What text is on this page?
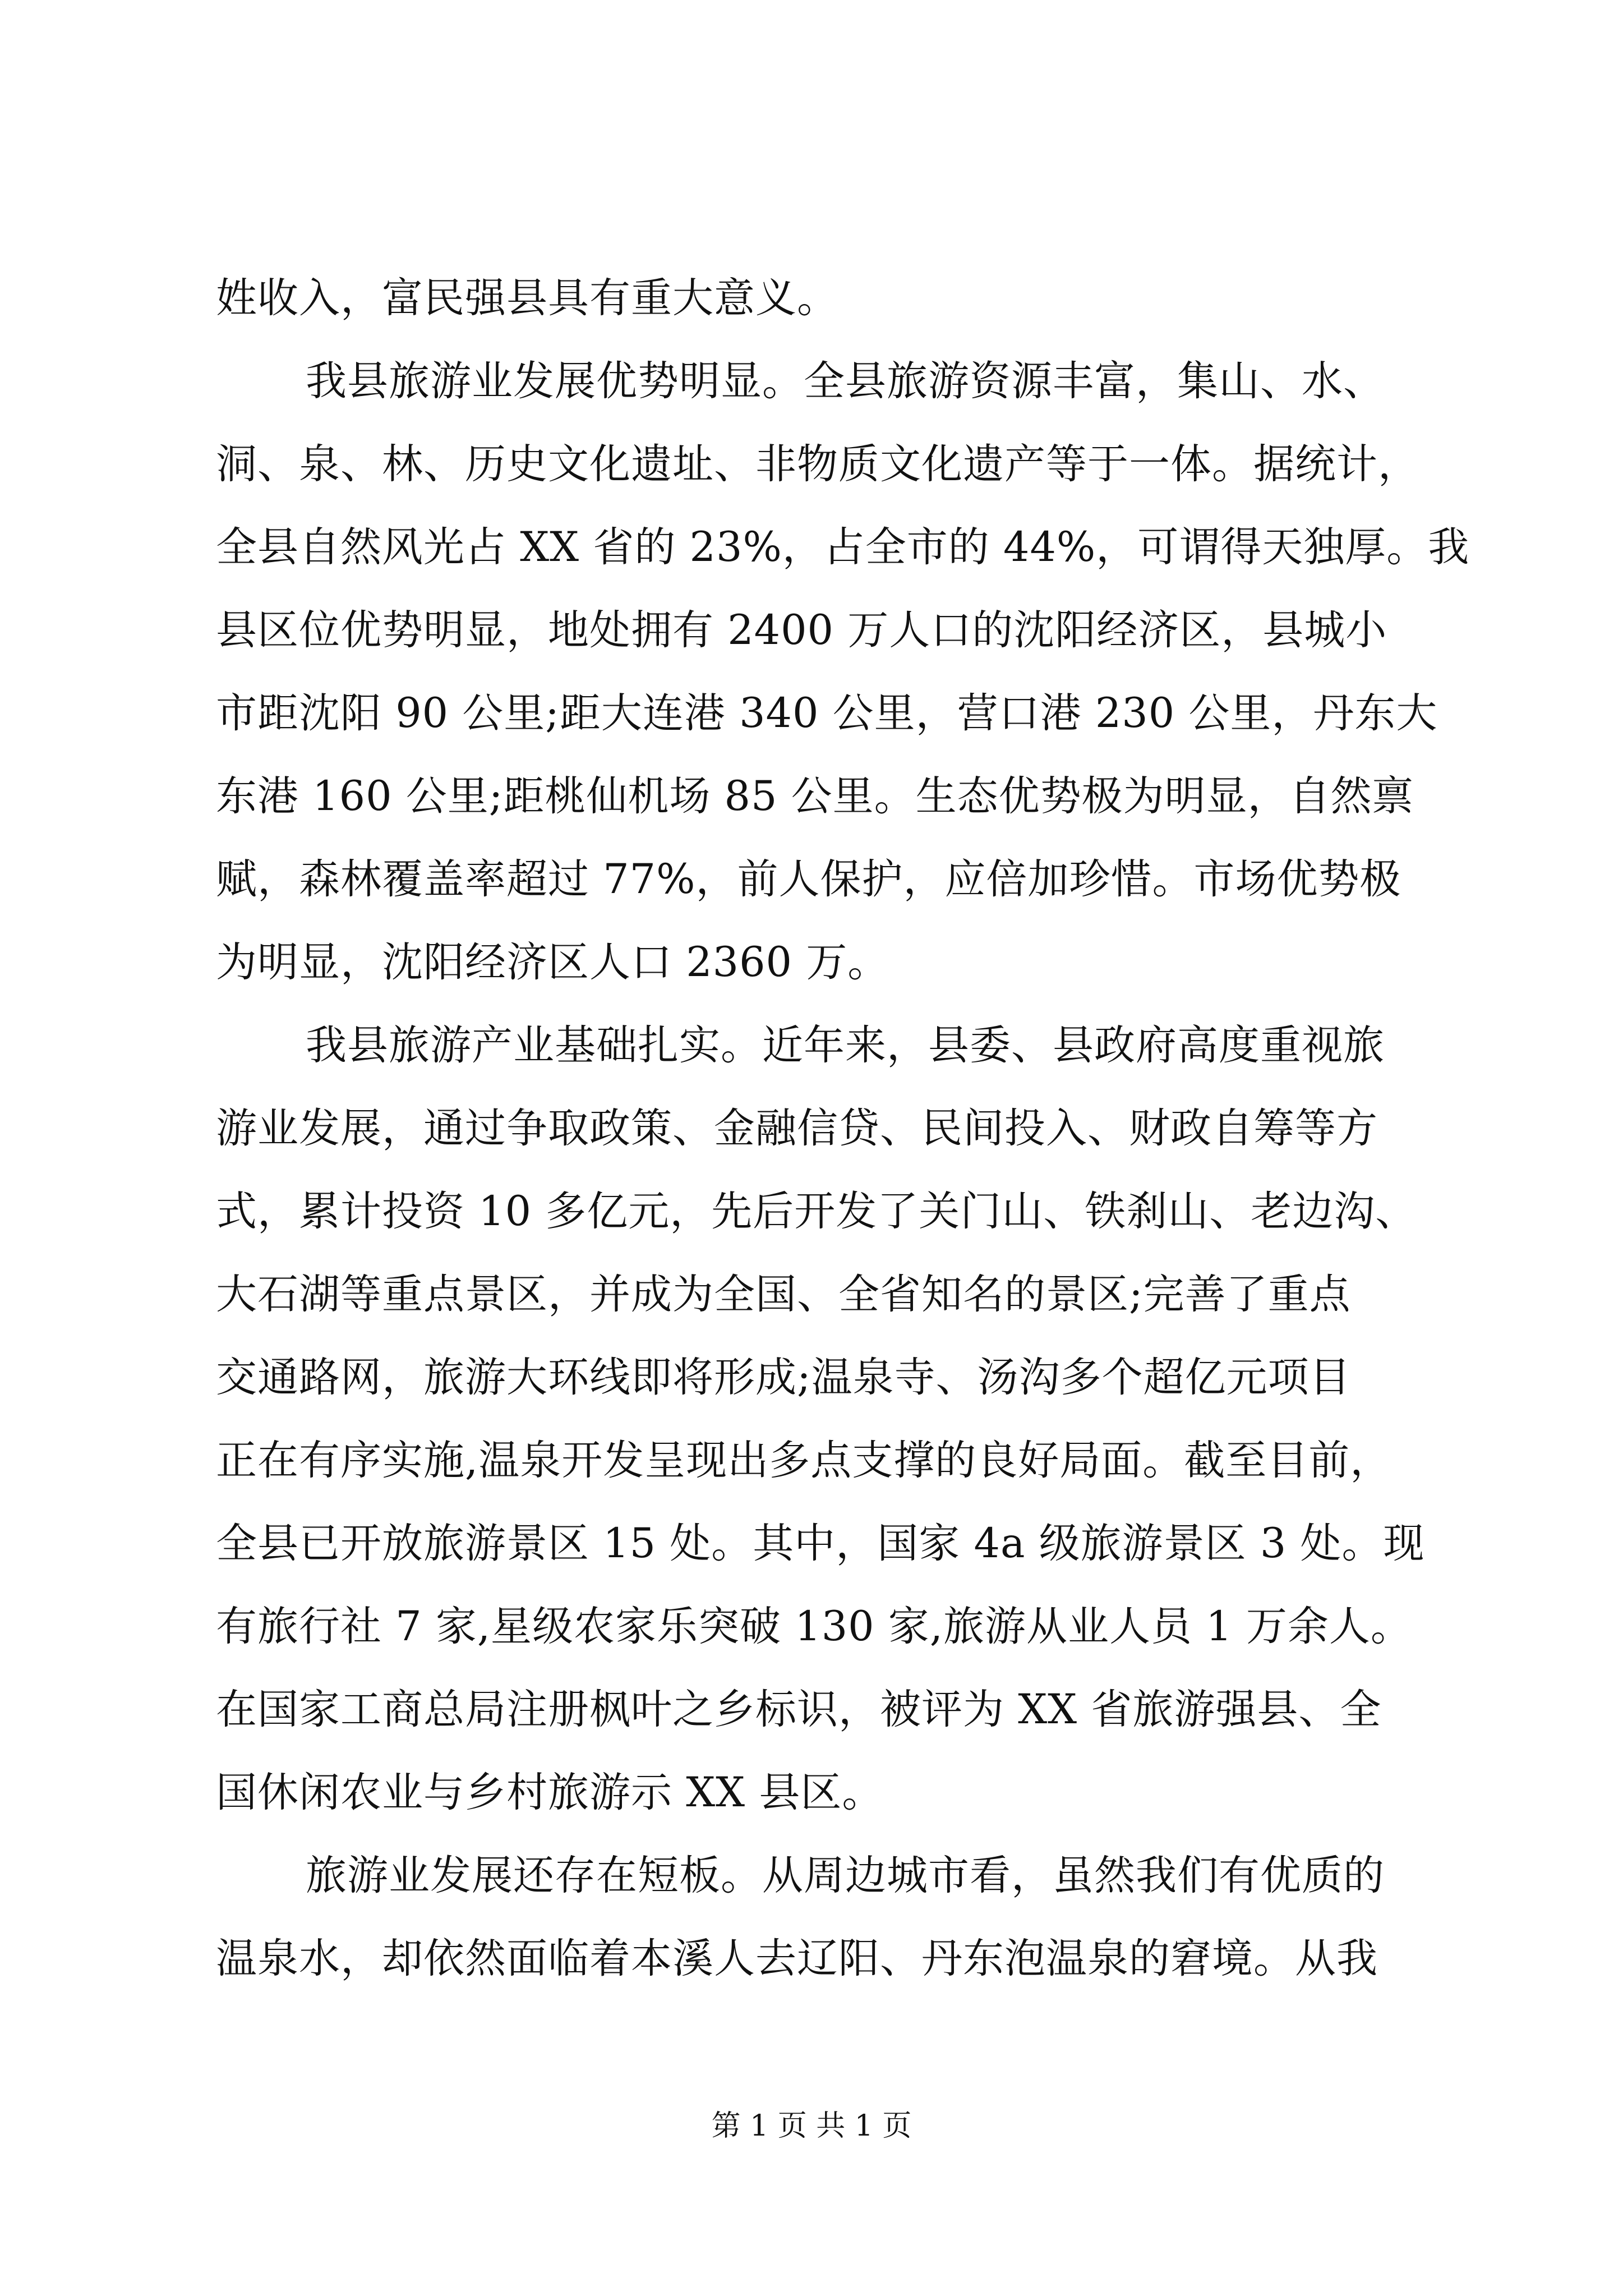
姓收入，富民强县具有重大意义。
我县旅游业发展优势明显。全县旅游资源丰富，集山、水、
洞、泉、林、历史文化遗址、非物质文化遗产等于一体。据统计，
全县自然风光占 XX 省的 23%，占全市的 44%，可谓得天独厚。我
县区位优势明显，地处拥有 2400 万人口的沈阳经济区，县城小
市距沈阳 90 公里;距大连港 340 公里，营口港 230 公里，丹东大
东港 160 公里;距桃仙机场 85 公里。生态优势极为明显，自然禀
赋，森林覆盖率超过 77%，前人保护，应倍加珍惜。市场优势极
为明显，沈阳经济区人口 2360 万。
我县旅游产业基础扎实。近年来，县委、县政府高度重视旅
游业发展，通过争取政策、金融信贷、民间投入、财政自筹等方
式，累计投资 10 多亿元，先后开发了关门山、铁刹山、老边沟、
大石湖等重点景区，并成为全国、全省知名的景区;完善了重点
交通路网，旅游大环线即将形成;温泉寺、汤沟多个超亿元项目
正在有序实施,温泉开发呈现出多点支撑的良好局面。截至目前，
全县已开放旅游景区 15 处。其中，国家 4a 级旅游景区 3 处。现
有旅行社 7 家,星级农家乐突破 130 家,旅游从业人员 1 万余人。
在国家工商总局注册枫叶之乡标识，被评为 XX 省旅游强县、全
国休闲农业与乡村旅游示 XX 县区。
旅游业发展还存在短板。从周边城市看，虽然我们有优质的
温泉水，却依然面临着本溪人去辽阳、丹东泡温泉的窘境。从我
第 1 页 共 1 页
